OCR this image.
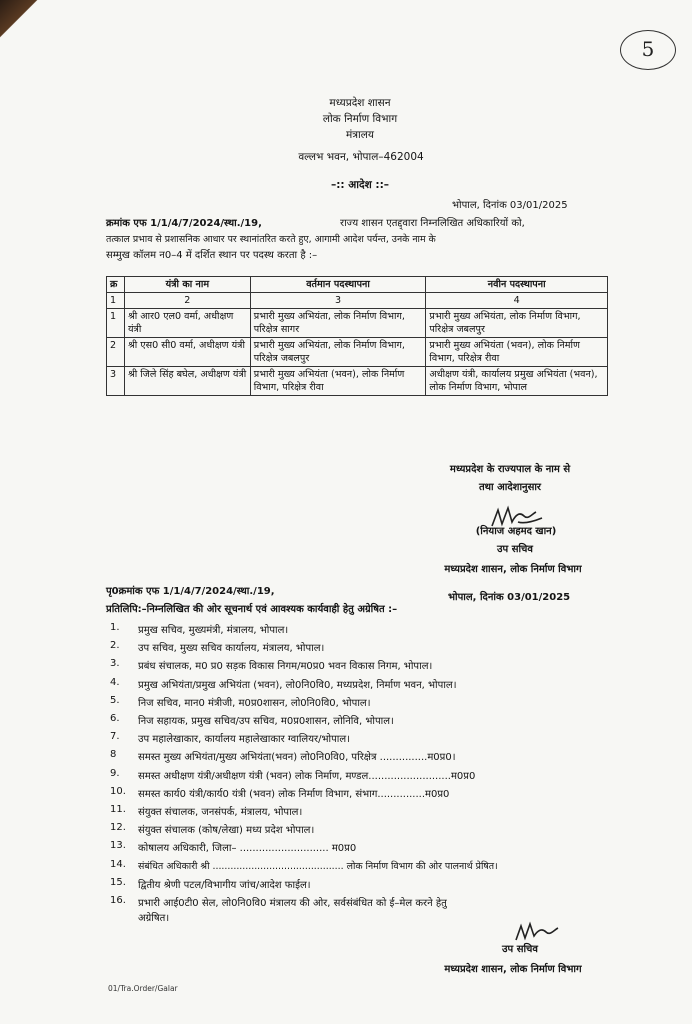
5
मध्यप्रदेश शासन
लोक निर्माण विभाग
मंत्रालय
वल्लभ भवन, भोपाल–462004
–:: आदेश ::–
भोपाल, दिनांक 03/01/2025
क्रमांक एफ 1/1/4/7/2024/स्था./19,	राज्य शासन एतद्द्वारा निम्नलिखित अधिकारियों को,
तत्काल प्रभाव से प्रशासनिक आधार पर स्थानांतरित करते हुए, आगामी आदेश पर्यन्त, उनके नाम के
सम्मुख कॉलम न0–4 में दर्शित स्थान पर पदस्थ करता है :–
क्र	यंत्री का नाम	वर्तमान पदस्थापना	नवीन पदस्थापना
1	2	3	4
1	श्री आर0 एल0 वर्मा, अधीक्षण यंत्री	प्रभारी मुख्य अभियंता, लोक निर्माण विभाग, परिक्षेत्र सागर	प्रभारी मुख्य अभियंता, लोक निर्माण विभाग, परिक्षेत्र जबलपुर
2	श्री एस0 सी0 वर्मा, अधीक्षण यंत्री	प्रभारी मुख्य अभियंता, लोक निर्माण विभाग, परिक्षेत्र जबलपुर	प्रभारी मुख्य अभियंता (भवन), लोक निर्माण विभाग, परिक्षेत्र रीवा
3	श्री जिले सिंह बघेल, अधीक्षण यंत्री	प्रभारी मुख्य अभियंता (भवन), लोक निर्माण विभाग, परिक्षेत्र रीवा	अधीक्षण यंत्री, कार्यालय प्रमुख अभियंता (भवन), लोक निर्माण विभाग, भोपाल
मध्यप्रदेश के राज्यपाल के नाम से
तथा आदेशानुसार
(नियाज अहमद खान)
उप सचिव
मध्यप्रदेश शासन, लोक निर्माण विभाग
पृ0क्रमांक एफ 1/1/4/7/2024/स्था./19,
भोपाल, दिनांक 03/01/2025
प्रतिलिपि:–निम्नलिखित की ओर सूचनार्थ एवं आवश्यक कार्यवाही हेतु अग्रेषित :–
1. प्रमुख सचिव, मुख्यमंत्री, मंत्रालय, भोपाल।
2. उप सचिव, मुख्य सचिव कार्यालय, मंत्रालय, भोपाल।
3. प्रबंध संचालक, म0 प्र0 सड़क विकास निगम/म0प्र0 भवन विकास निगम, भोपाल।
4. प्रमुख अभियंता/प्रमुख अभियंता (भवन), लो0नि0वि0, मध्यप्रदेश, निर्माण भवन, भोपाल।
5. निज सचिव, मान0 मंत्रीजी, म0प्र0शासन, लो0नि0वि0, भोपाल।
6. निज सहायक, प्रमुख सचिव/उप सचिव, म0प्र0शासन, लोनिवि, भोपाल।
7. उप महालेखाकार, कार्यालय महालेखाकार ग्वालियर/भोपाल।
8 समस्त मुख्य अभियंता/मुख्य अभियंता(भवन) लो0नि0वि0, परिक्षेत्र ...............म0प्र0।
9. समस्त अधीक्षण यंत्री/अधीक्षण यंत्री (भवन) लोक निर्माण, मण्डल..........................म0प्र0
10. समस्त कार्य0 यंत्री/कार्य0 यंत्री (भवन) लोक निर्माण विभाग, संभाग...............म0प्र0
11. संयुक्त संचालक, जनसंपर्क, मंत्रालय, भोपाल।
12. संयुक्त संचालक (कोष/लेखा) मध्य प्रदेश भोपाल।
13. कोषालय अधिकारी, जिला– ............................ म0प्र0
14. संबंधित अधिकारी श्री ............................................ लोक निर्माण विभाग की ओर पालनार्थ प्रेषित।
15. द्वितीय श्रेणी पटल/विभागीय जांच/आदेश फाईल।
16. प्रभारी आई0टी0 सेल, लो0नि0वि0 मंत्रालय की ओर, सर्वसंबंधित को ई–मेल करने हेतु
अग्रेषित।
उप सचिव
मध्यप्रदेश शासन, लोक निर्माण विभाग
01/Tra.Order/Galar
